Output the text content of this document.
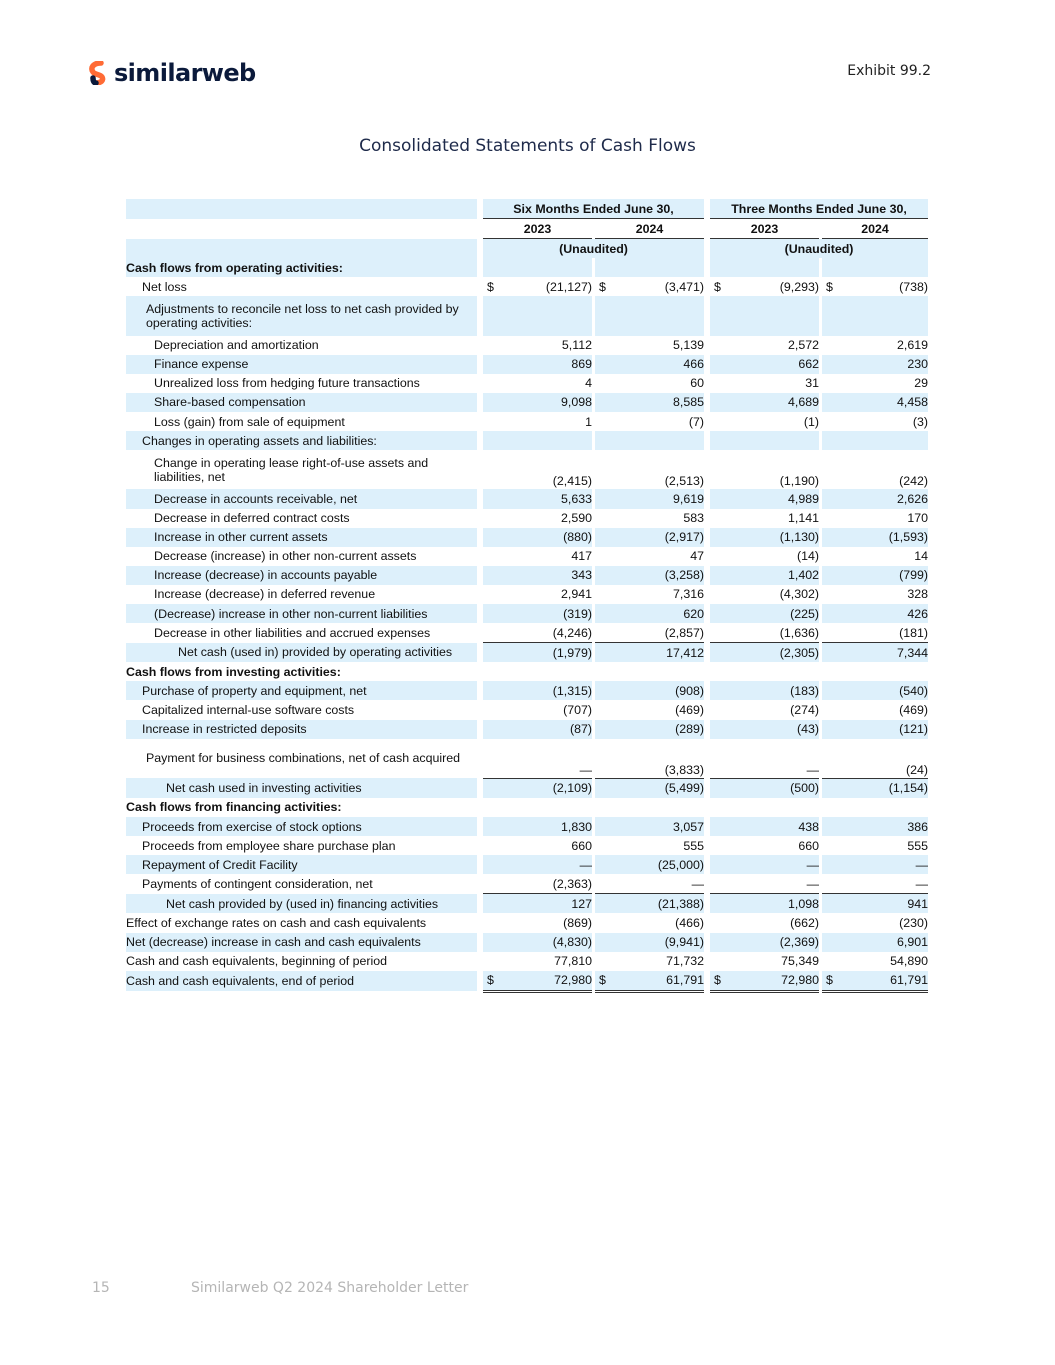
similarweb	Exhibit 99.2
Consolidated Statements of Cash Flows
		Six Months Ended June 30,				Three Months Ended June 30,		
		2023		2024		2023		2024
		(Unaudited)				(Unaudited)		
Cash flows from operating activities:								
Net loss		$ (21,127)		$ (3,471)		$ (9,293)		$ (738)
Adjustments to reconcile net loss to net cash provided by operating activities:								
Depreciation and amortization		5,112		5,139		2,572		2,619
Finance expense		869		466		662		230
Unrealized loss from hedging future transactions		4		60		31		29
Share-based compensation		9,098		8,585		4,689		4,458
Loss (gain) from sale of equipment		1		(7)		(1)		(3)
Changes in operating assets and liabilities:								
Change in operating lease right-of-use assets and liabilities, net		(2,415)		(2,513)		(1,190)		(242)
Decrease in accounts receivable, net		5,633		9,619		4,989		2,626
Decrease in deferred contract costs		2,590		583		1,141		170
Increase in other current assets		(880)		(2,917)		(1,130)		(1,593)
Decrease (increase) in other non-current assets		417		47		(14)		14
Increase (decrease) in accounts payable		343		(3,258)		1,402		(799)
Increase (decrease) in deferred revenue		2,941		7,316		(4,302)		328
(Decrease) increase in other non-current liabilities		(319)		620		(225)		426
Decrease in other liabilities and accrued expenses		(4,246)		(2,857)		(1,636)		(181)
Net cash (used in) provided by operating activities		(1,979)		17,412		(2,305)		7,344
Cash flows from investing activities:								
Purchase of property and equipment, net		(1,315)		(908)		(183)		(540)
Capitalized internal-use software costs		(707)		(469)		(274)		(469)
Increase in restricted deposits		(87)		(289)		(43)		(121)
Payment for business combinations, net of cash acquired		—		(3,833)		—		(24)
Net cash used in investing activities		(2,109)		(5,499)		(500)		(1,154)
Cash flows from financing activities:								
Proceeds from exercise of stock options		1,830		3,057		438		386
Proceeds from employee share purchase plan		660		555		660		555
Repayment of Credit Facility		—		(25,000)		—		—
Payments of contingent consideration, net		(2,363)		—		—		—
Net cash provided by (used in) financing activities		127		(21,388)		1,098		941
Effect of exchange rates on cash and cash equivalents		(869)		(466)		(662)		(230)
Net (decrease) increase in cash and cash equivalents		(4,830)		(9,941)		(2,369)		6,901
Cash and cash equivalents, beginning of period		77,810		71,732		75,349		54,890
Cash and cash equivalents, end of period		$ 72,980		$ 61,791		$ 72,980		$ 61,791
15	Similarweb Q2 2024 Shareholder Letter
